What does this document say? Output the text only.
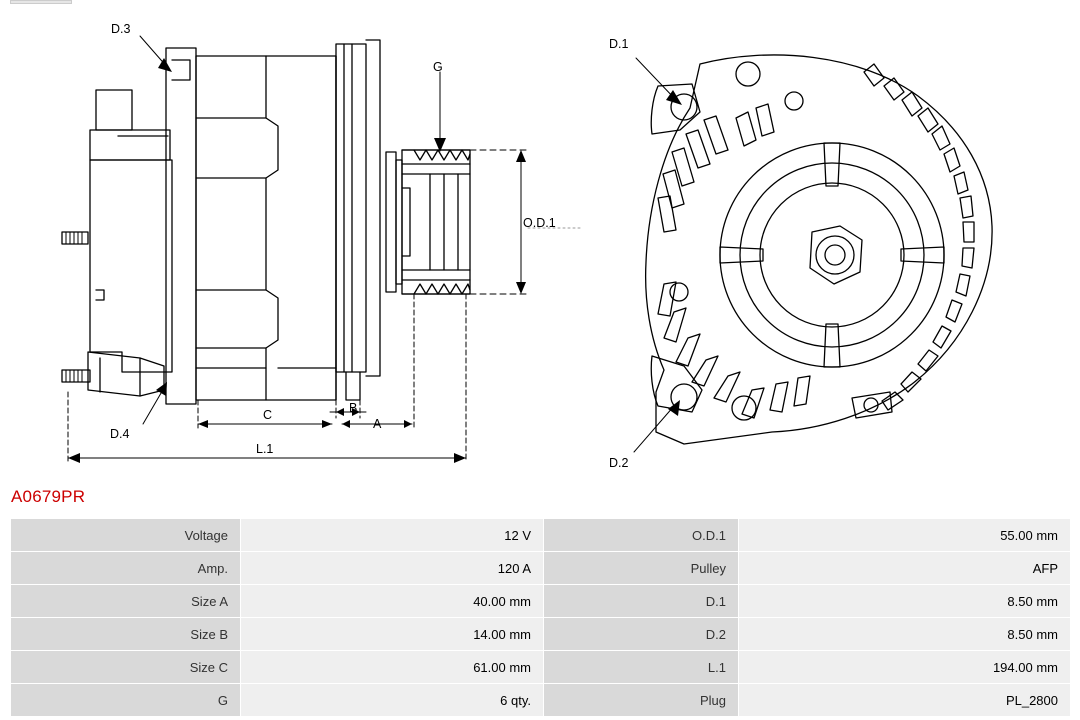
D.3
D.4
G
O.D.1
A
B
C
L.1
D.1
D.2
A0679PR
Voltage	12 V	O.D.1	55.00 mm
Amp.	120 A	Pulley	AFP
Size A	40.00 mm	D.1	8.50 mm
Size B	14.00 mm	D.2	8.50 mm
Size C	61.00 mm	L.1	194.00 mm
G	6 qty.	Plug	PL_2800
